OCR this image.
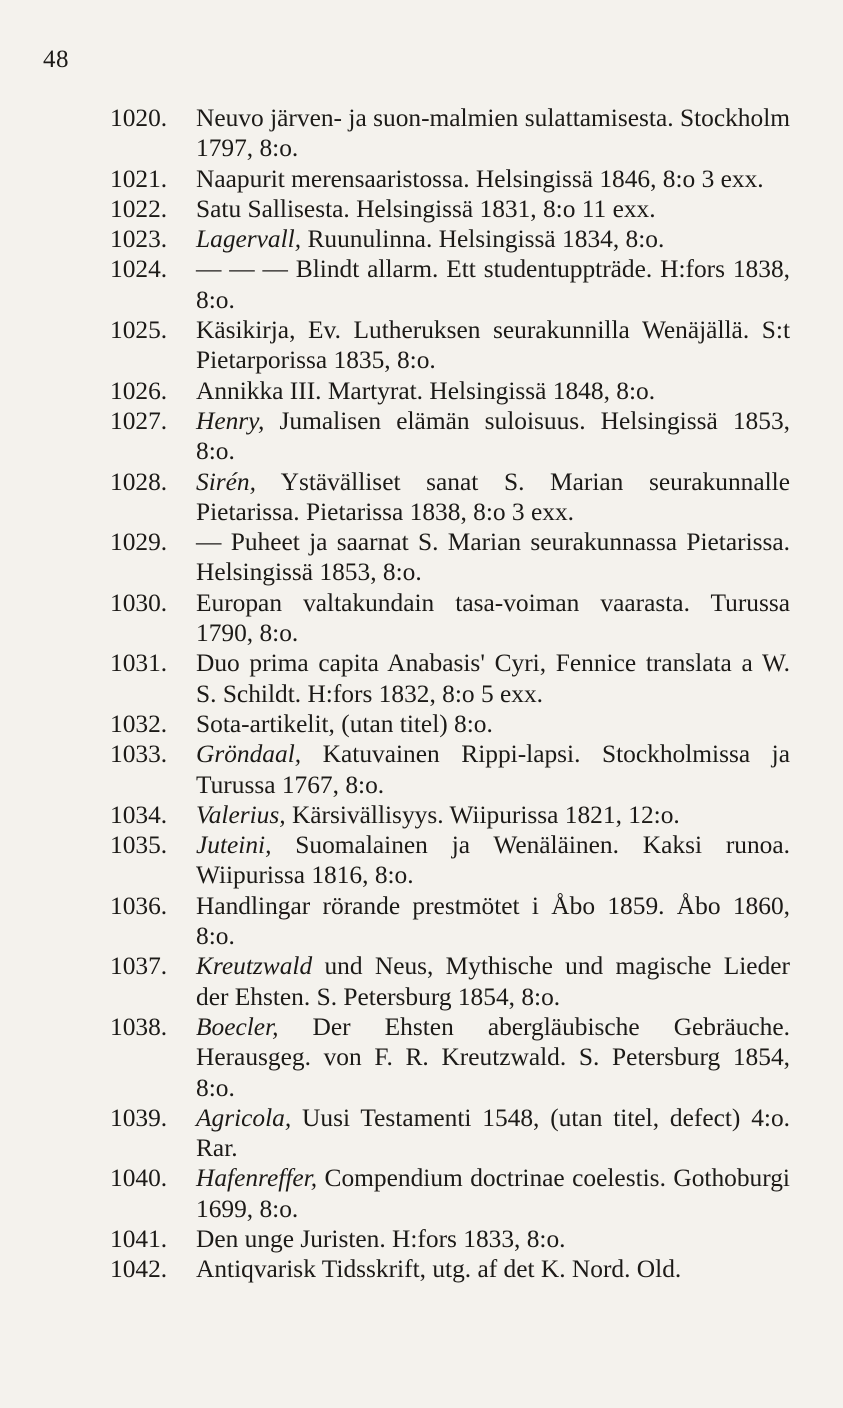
48

1020.	Neuvo järven- ja suon-malmien sulattamisesta. Stockholm 1797, 8:o.

1021.	Naapurit merensaaristossa. Helsingissä 1846, 8:o 3 exx.

1022.	Satu Sallisesta. Helsingissä 1831, 8:o 11 exx.

1023.	Lagervall, Ruunulinna. Helsingissä 1834, 8:o.

1024.	— — — Blindt allarm. Ett studentuppträde. H:fors 1838, 8:o.

1025.	Käsikirja, Ev. Lutheruksen seurakunnilla Wenäjällä. S:t Pietarporissa 1835, 8:o.

1026.	Annikka III. Martyrat. Helsingissä 1848, 8:o.

1027.	Henry, Jumalisen elämän suloisuus. Helsingissä 1853, 8:o.

1028.	Sirén, Ystävälliset sanat S. Marian seurakunnalle Pietarissa. Pietarissa 1838, 8:o 3 exx.

1029.	— Puheet ja saarnat S. Marian seurakunnassa Pietarissa. Helsingissä 1853, 8:o.

1030.	Europan valtakundain tasa-voiman vaarasta. Turussa 1790, 8:o.

1031.	Duo prima capita Anabasis' Cyri, Fennice translata a W. S. Schildt. H:fors 1832, 8:o 5 exx.

1032.	Sota-artikelit, (utan titel) 8:o.

1033.	Gröndaal, Katuvainen Rippi-lapsi. Stockholmissa ja Turussa 1767, 8:o.

1034.	Valerius, Kärsivällisyys. Wiipurissa 1821, 12:o.

1035.	Juteini, Suomalainen ja Wenäläinen. Kaksi runoa. Wiipurissa 1816, 8:o.

1036.	Handlingar rörande prestmötet i Åbo 1859. Åbo 1860, 8:o.

1037.	Kreutzwald und Neus, Mythische und magische Lieder der Ehsten. S. Petersburg 1854, 8:o.

1038.	Boecler, Der Ehsten abergläubische Gebräuche. Herausgeg. von F. R. Kreutzwald. S. Petersburg 1854, 8:o.

1039.	Agricola, Uusi Testamenti 1548, (utan titel, defect) 4:o. Rar.

1040.	Hafenreffer, Compendium doctrinae coelestis. Gothoburgi 1699, 8:o.

1041.	Den unge Juristen. H:fors 1833, 8:o.

1042.	Antiqvarisk Tidsskrift, utg. af det K. Nord. Old.
